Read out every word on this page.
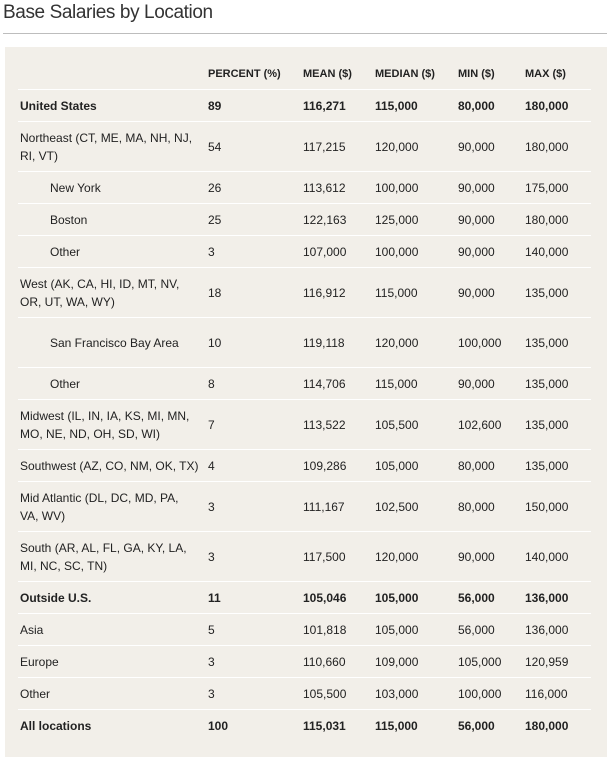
Base Salaries by Location
	PERCENT (%)	MEAN ($)	MEDIAN ($)	MIN ($)	MAX ($)
United States	89	116,271	115,000	80,000	180,000
Northeast (CT, ME, MA, NH, NJ, RI, VT)	54	117,215	120,000	90,000	180,000
New York	26	113,612	100,000	90,000	175,000
Boston	25	122,163	125,000	90,000	180,000
Other	3	107,000	100,000	90,000	140,000
West (AK, CA, HI, ID, MT, NV, OR, UT, WA, WY)	18	116,912	115,000	90,000	135,000
San Francisco Bay Area	10	119,118	120,000	100,000	135,000
Other	8	114,706	115,000	90,000	135,000
Midwest (IL, IN, IA, KS, MI, MN, MO, NE, ND, OH, SD, WI)	7	113,522	105,500	102,600	135,000
Southwest (AZ, CO, NM, OK, TX)	4	109,286	105,000	80,000	135,000
Mid Atlantic (DL, DC, MD, PA, VA, WV)	3	111,167	102,500	80,000	150,000
South (AR, AL, FL, GA, KY, LA, MI, NC, SC, TN)	3	117,500	120,000	90,000	140,000
Outside U.S.	11	105,046	105,000	56,000	136,000
Asia	5	101,818	105,000	56,000	136,000
Europe	3	110,660	109,000	105,000	120,959
Other	3	105,500	103,000	100,000	116,000
All locations	100	115,031	115,000	56,000	180,000
